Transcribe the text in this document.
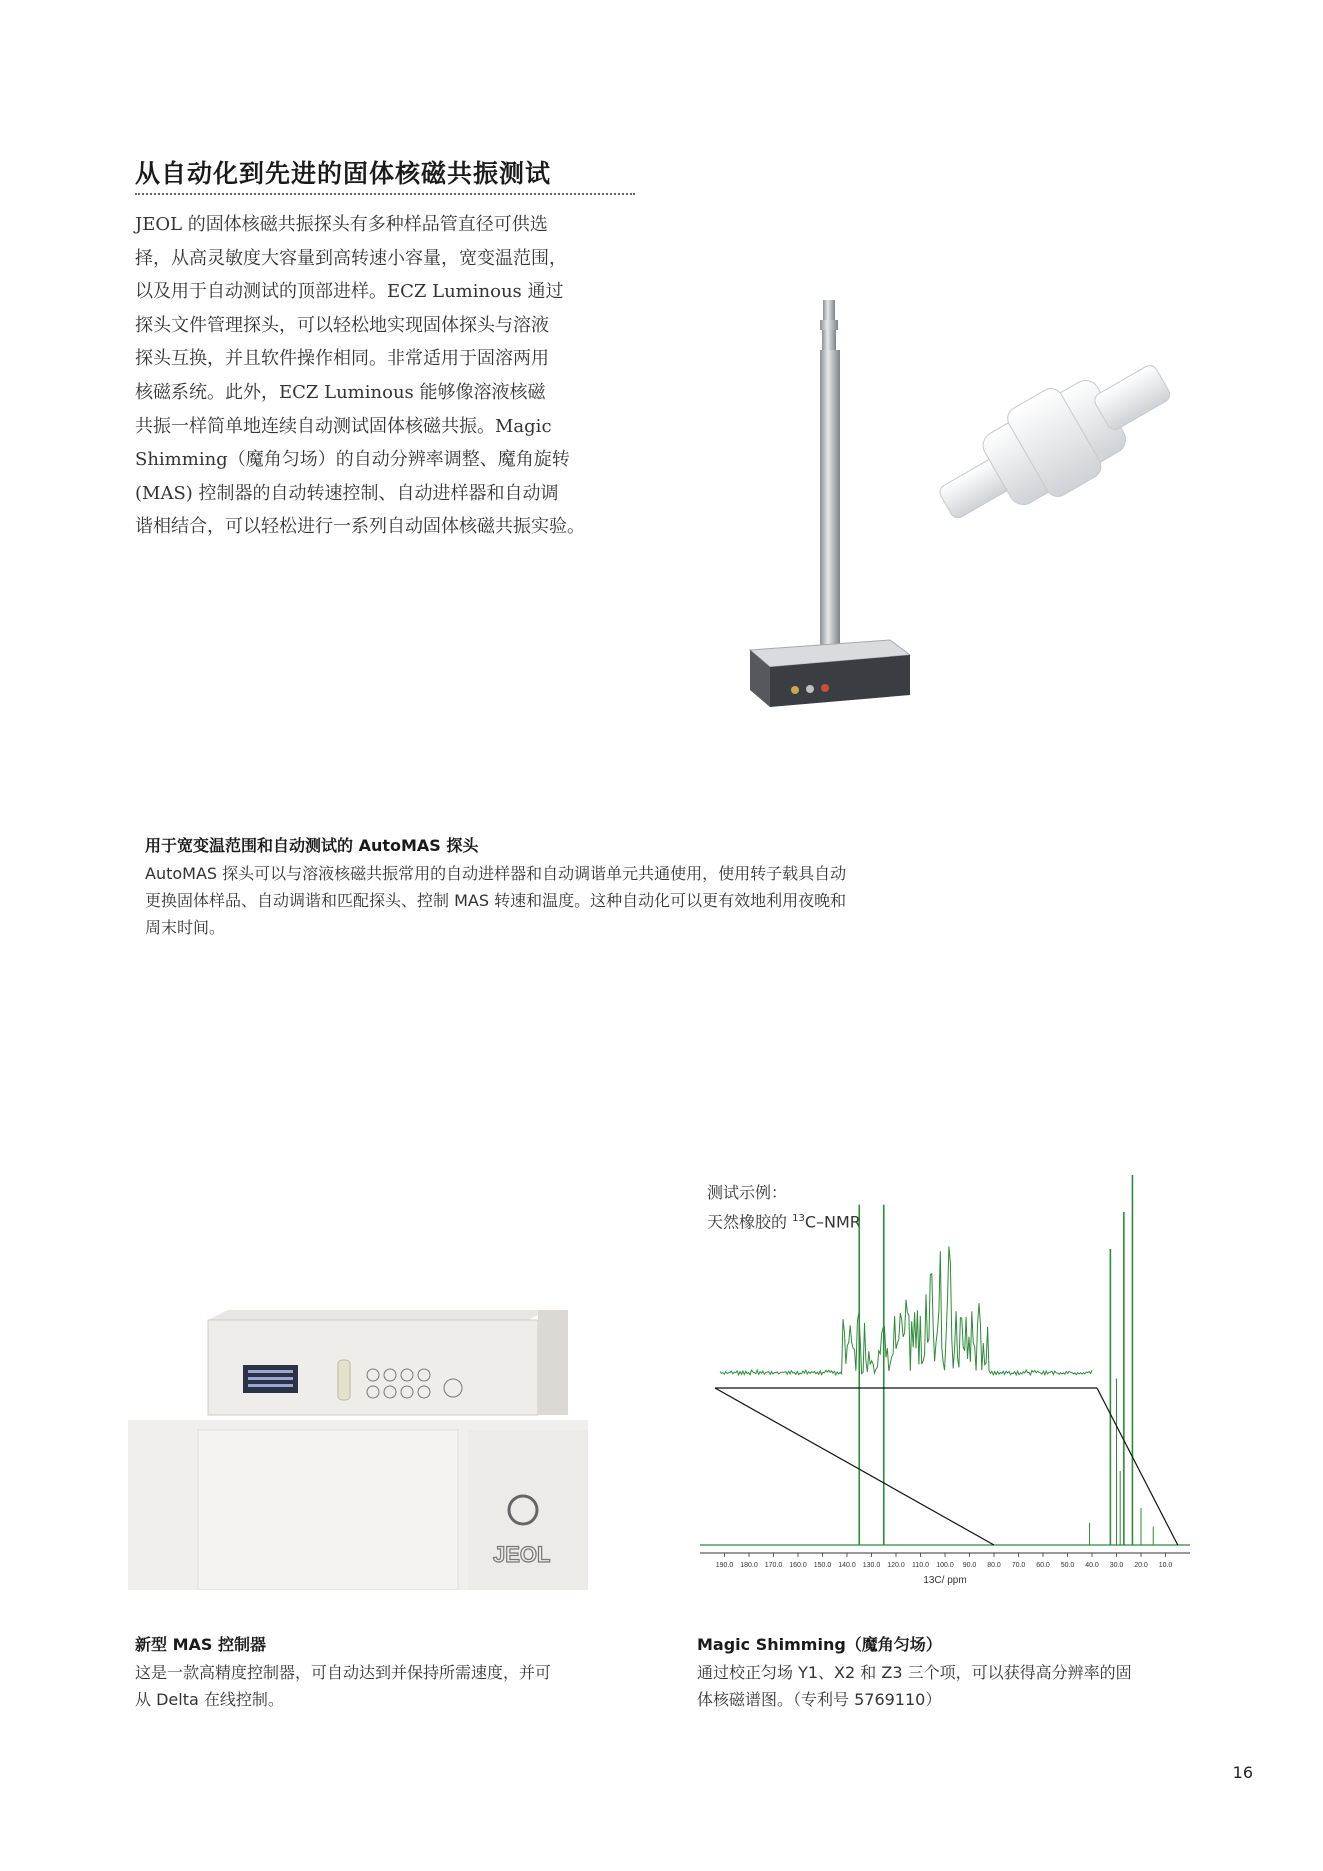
从自动化到先进的固体核磁共振测试

JEOL 的固体核磁共振探头有多种样品管直径可供选

择，从高灵敏度大容量到高转速小容量，宽变温范围，

以及用于自动测试的顶部进样。ECZ Luminous 通过

探头文件管理探头，可以轻松地实现固体探头与溶液

探头互换，并且软件操作相同。非常适用于固溶两用

核磁系统。此外，ECZ Luminous 能够像溶液核磁

共振一样简单地连续自动测试固体核磁共振。Magic

Shimming（魔角匀场）的自动分辨率调整、魔角旋转

(MAS) 控制器的自动转速控制、自动进样器和自动调

谐相结合，可以轻松进行一系列自动固体核磁共振实验。

用于宽变温范围和自动测试的 AutoMAS 探头

AutoMAS 探头可以与溶液核磁共振常用的自动进样器和自动调谐单元共通使用，使用转子载具自动

更换固体样品、自动调谐和匹配探头、控制 MAS 转速和温度。这种自动化可以更有效地利用夜晚和

周末时间。

JEOL

测试示例：

天然橡胶的 $^{13}$C–NMR

190.0 180.0 170.0 160.0 150.0 140.0 130.0 120.0 110.0 100.0 90.0 80.0 70.0 60.0 50.0 40.0 30.0 20.0 10.0
13C/ ppm
新型 MAS 控制器

这是一款高精度控制器，可自动达到并保持所需速度，并可

从 Delta 在线控制。

Magic Shimming（魔角匀场）

通过校正匀场 Y1、X2 和 Z3 三个项，可以获得高分辨率的固

体核磁谱图。（专利号 5769110）

16
